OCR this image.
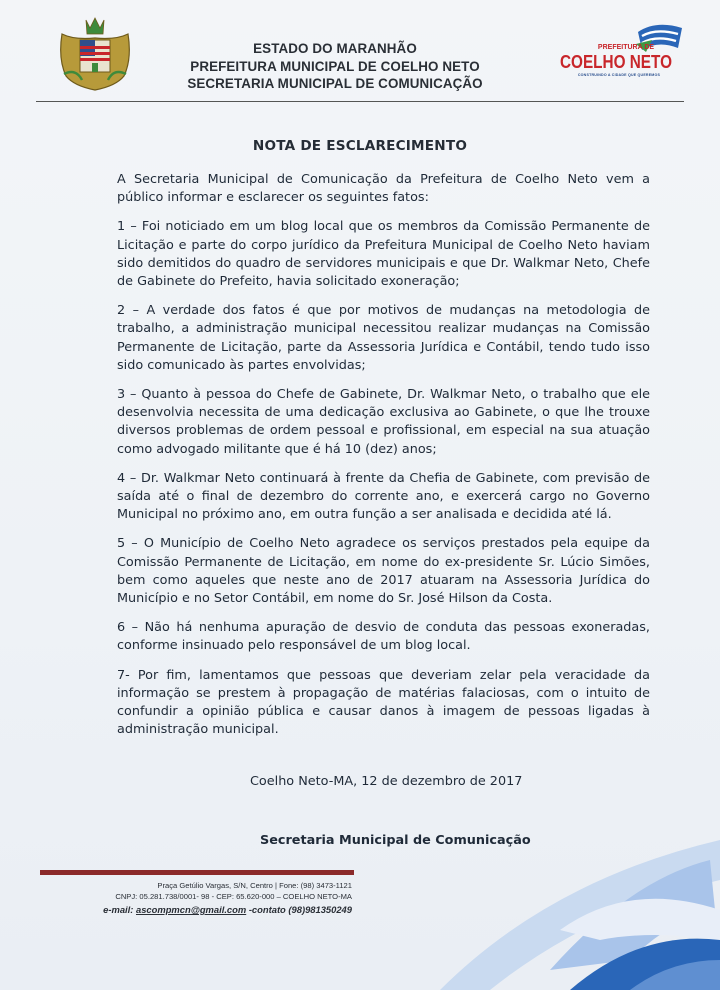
ESTADO DO MARANHÃO
PREFEITURA MUNICIPAL DE COELHO NETO
SECRETARIA MUNICIPAL DE COMUNICAÇÃO
PREFEITURA DE
COELHO NETO
CONSTRUINDO A CIDADE QUE QUEREMOS
NOTA DE ESCLARECIMENTO

A Secretaria Municipal de Comunicação da Prefeitura de Coelho Neto vem a público informar e esclarecer os seguintes fatos:

1 – Foi noticiado em um blog local que os membros da Comissão Permanente de Licitação e parte do corpo jurídico da Prefeitura Municipal de Coelho Neto haviam sido demitidos do quadro de servidores municipais e que Dr. Walkmar Neto, Chefe de Gabinete do Prefeito, havia solicitado exoneração;

2 – A verdade dos fatos é que por motivos de mudanças na metodologia de trabalho, a administração municipal necessitou realizar mudanças na Comissão Permanente de Licitação, parte da Assessoria Jurídica e Contábil, tendo tudo isso sido comunicado às partes envolvidas;

3 – Quanto à pessoa do Chefe de Gabinete, Dr. Walkmar Neto, o trabalho que ele desenvolvia necessita de uma dedicação exclusiva ao Gabinete, o que lhe trouxe diversos problemas de ordem pessoal e profissional, em especial na sua atuação como advogado militante que é há 10 (dez) anos;

4 – Dr. Walkmar Neto continuará à frente da Chefia de Gabinete, com previsão de saída até o final de dezembro do corrente ano, e exercerá cargo no Governo Municipal no próximo ano, em outra função a ser analisada e decidida até lá.

5 – O Município de Coelho Neto agradece os serviços prestados pela equipe da Comissão Permanente de Licitação, em nome do ex-presidente Sr. Lúcio Simões, bem como aqueles que neste ano de 2017 atuaram na Assessoria Jurídica do Município e no Setor Contábil, em nome do Sr. José Hilson da Costa.

6 – Não há nenhuma apuração de desvio de conduta das pessoas exoneradas, conforme insinuado pelo responsável de um blog local.

7- Por fim, lamentamos que pessoas que deveriam zelar pela veracidade da informação se prestem à propagação de matérias falaciosas, com o intuito de confundir a opinião pública e causar danos à imagem de pessoas ligadas à administração municipal.

Coelho Neto-MA, 12 de dezembro de 2017
Secretaria Municipal de Comunicação
Praça Getúlio Vargas, S/N, Centro | Fone: (98) 3473-1121
CNPJ: 05.281.738/0001- 98 - CEP: 65.620-000 – COELHO NETO-MA
e-mail: ascompmcn@gmail.com -contato (98)981350249
